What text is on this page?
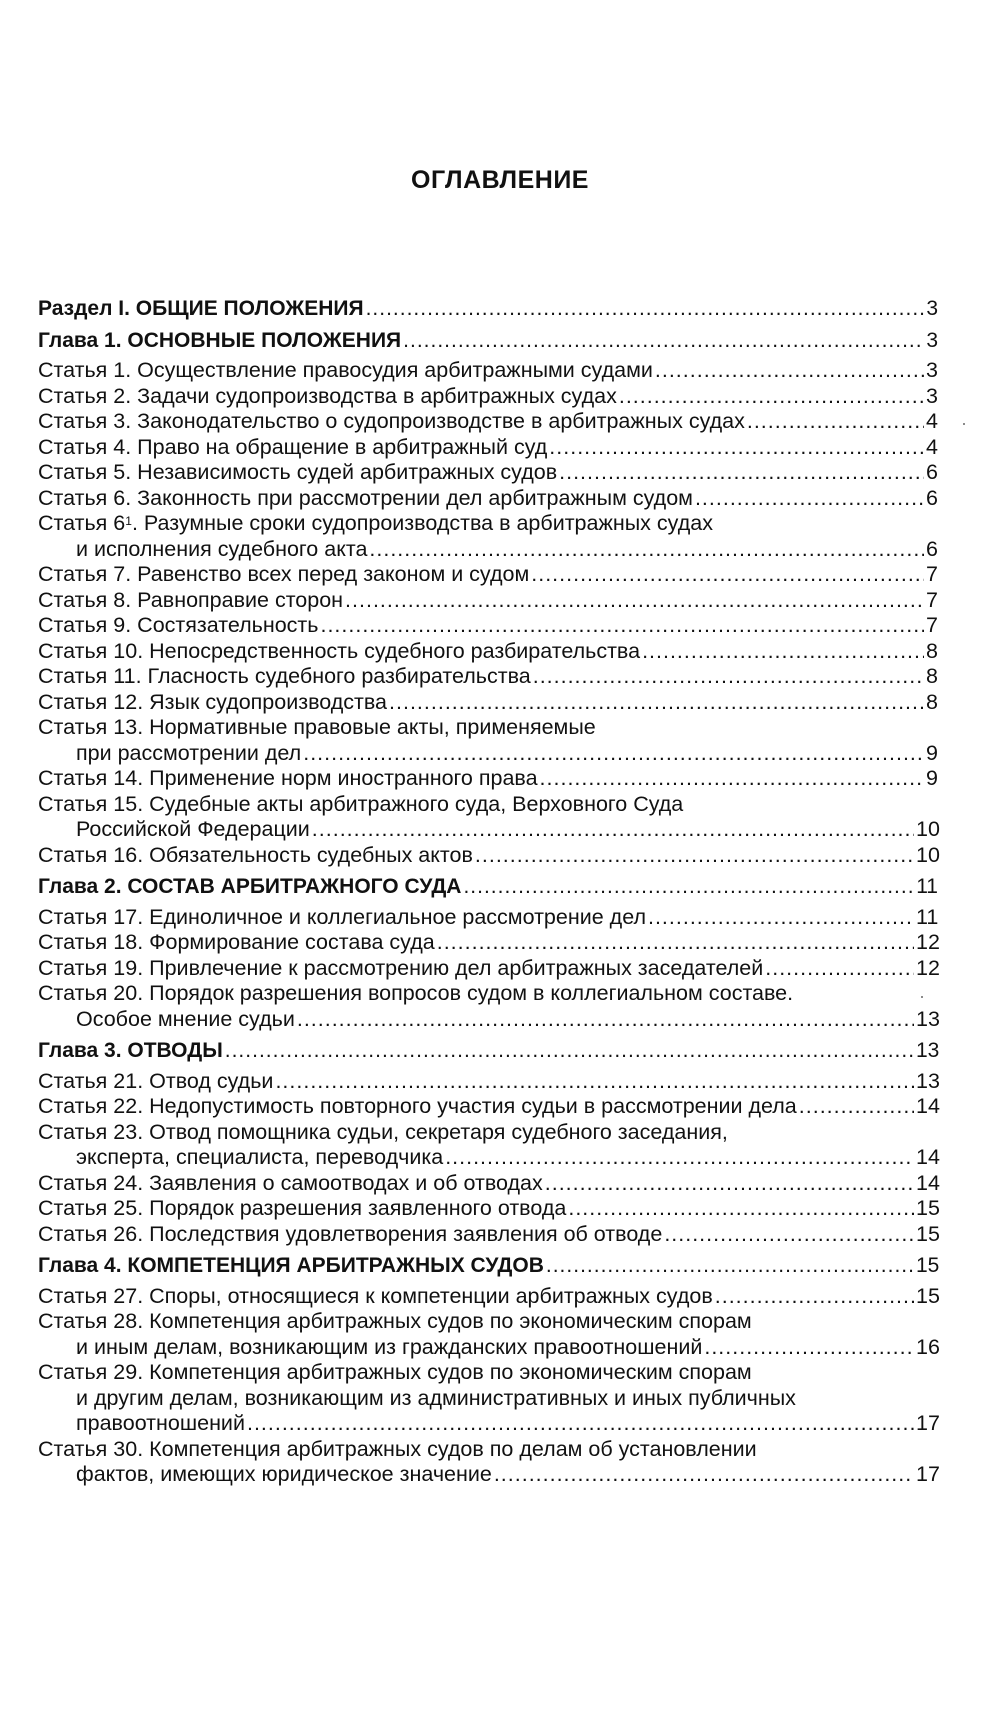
ОГЛАВЛЕНИЕ
Раздел I. ОБЩИЕ ПОЛОЖЕНИЯ .....	3
Глава 1. ОСНОВНЫЕ ПОЛОЖЕНИЯ .....	3
Статья 1. Осуществление правосудия арбитражными судами .....	3
Статья 2. Задачи судопроизводства в арбитражных судах .....	3
Статья 3. Законодательство о судопроизводстве в арбитражных судах .....	4
Статья 4. Право на обращение в арбитражный суд .....	4
Статья 5. Независимость судей арбитражных судов .....	6
Статья 6. Законность при рассмотрении дел арбитражным судом .....	6
Статья $6^1$. Разумные сроки судопроизводства в арбитражных судах
и исполнения судебного акта .....	6
Статья 7. Равенство всех перед законом и судом .....	7
Статья 8. Равноправие сторон .....	7
Статья 9. Состязательность .....	7
Статья 10. Непосредственность судебного разбирательства .....	8
Статья 11. Гласность судебного разбирательства .....	8
Статья 12. Язык судопроизводства .....	8
Статья 13. Нормативные правовые акты, применяемые
при рассмотрении дел .....	9
Статья 14. Применение норм иностранного права .....	9
Статья 15. Судебные акты арбитражного суда, Верховного Суда
Российской Федерации .....	10
Статья 16. Обязательность судебных актов .....	10
Глава 2. СОСТАВ АРБИТРАЖНОГО СУДА .....	11
Статья 17. Единоличное и коллегиальное рассмотрение дел .....	11
Статья 18. Формирование состава суда .....	12
Статья 19. Привлечение к рассмотрению дел арбитражных заседателей .....	12
Статья 20. Порядок разрешения вопросов судом в коллегиальном составе.
Особое мнение судьи .....	13
Глава 3. ОТВОДЫ .....	13
Статья 21. Отвод судьи .....	13
Статья 22. Недопустимость повторного участия судьи в рассмотрении дела .....	14
Статья 23. Отвод помощника судьи, секретаря судебного заседания,
эксперта, специалиста, переводчика .....	14
Статья 24. Заявления о самоотводах и об отводах .....	14
Статья 25. Порядок разрешения заявленного отвода .....	15
Статья 26. Последствия удовлетворения заявления об отводе .....	15
Глава 4. КОМПЕТЕНЦИЯ АРБИТРАЖНЫХ СУДОВ .....	15
Статья 27. Споры, относящиеся к компетенции арбитражных судов .....	15
Статья 28. Компетенция арбитражных судов по экономическим спорам
и иным делам, возникающим из гражданских правоотношений .....	16
Статья 29. Компетенция арбитражных судов по экономическим спорам
и другим делам, возникающим из административных и иных публичных
правоотношений .....	17
Статья 30. Компетенция арбитражных судов по делам об установлении
фактов, имеющих юридическое значение .....	17
